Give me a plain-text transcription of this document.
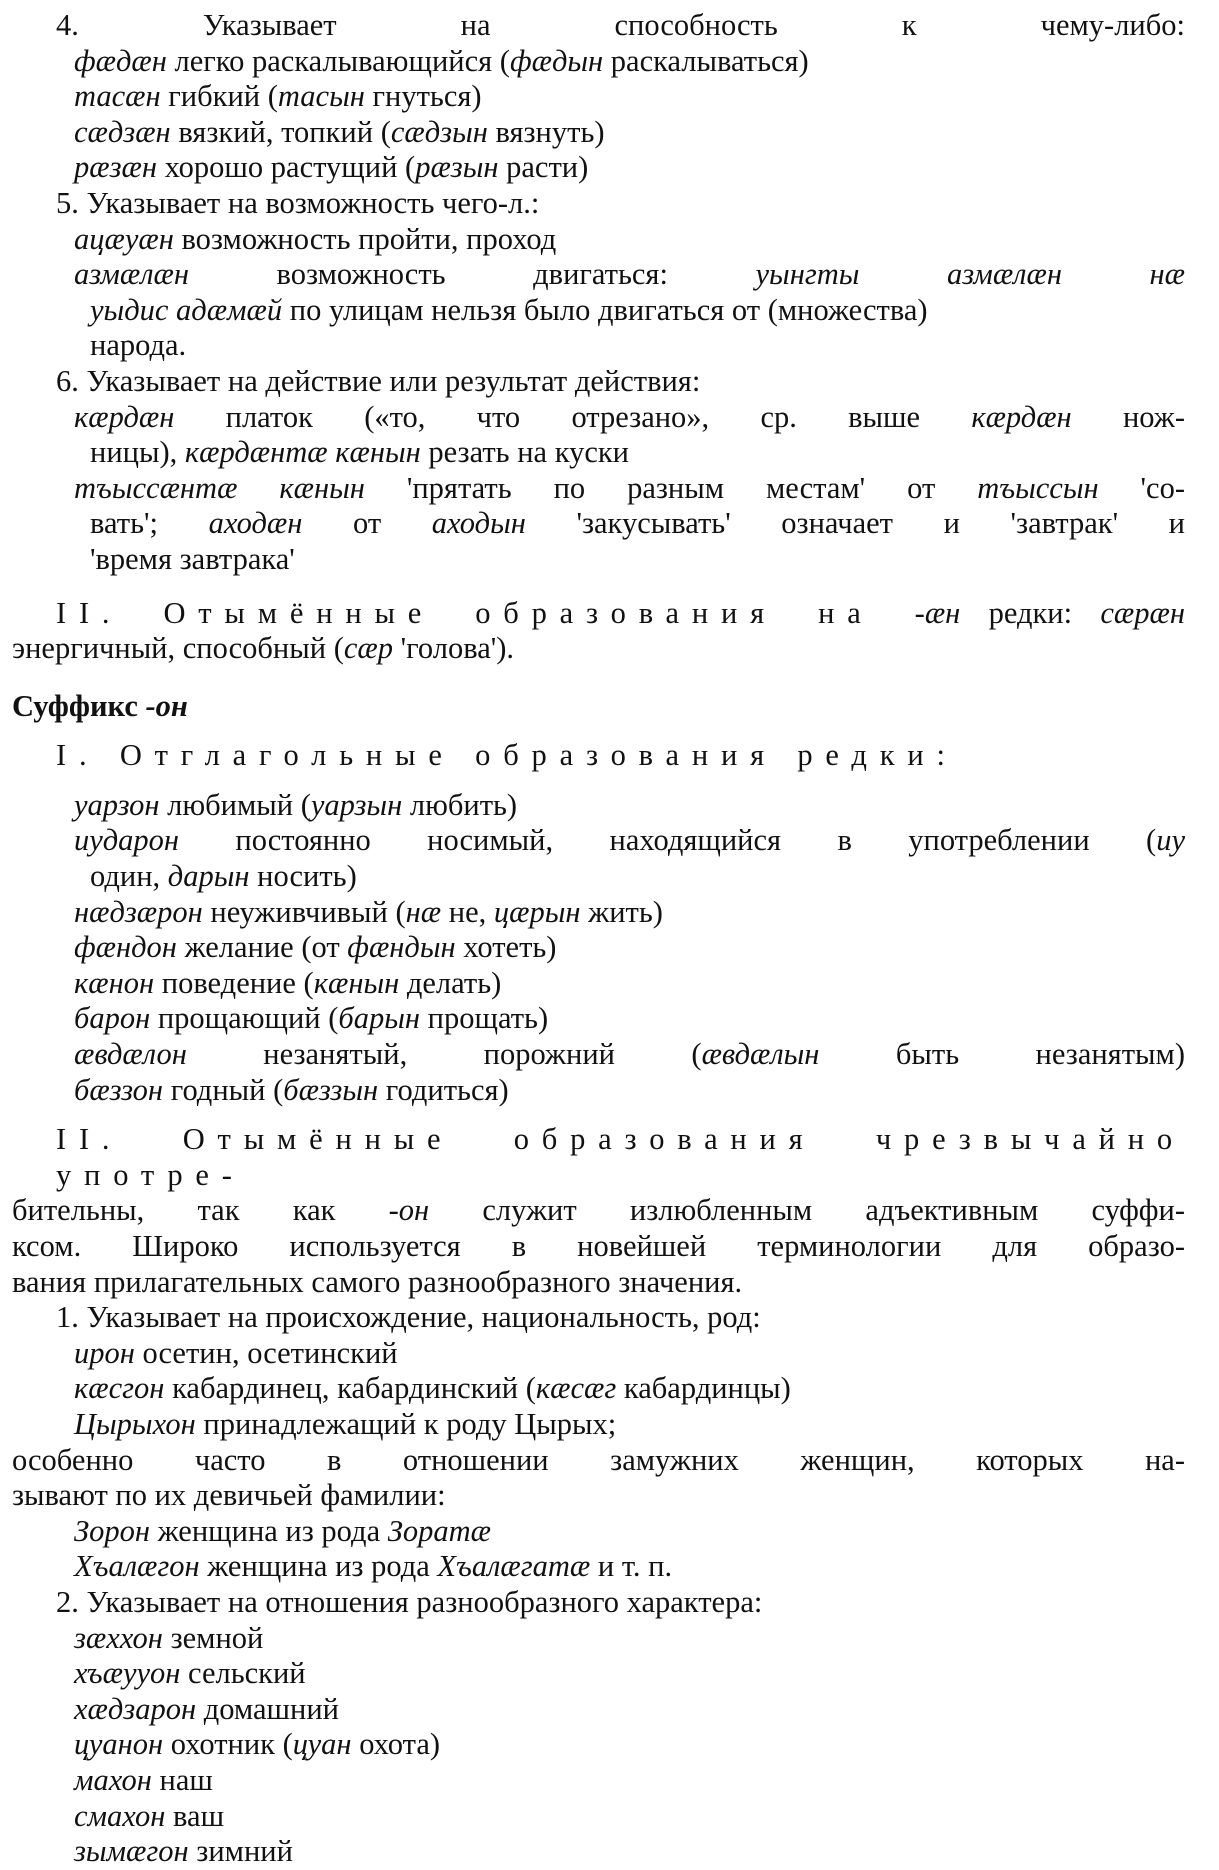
4. Указывает на способность к чему-либо:
фæдæн легко раскалывающийся (фæдын раскалываться)
тасæн гибкий (тасын гнуться)
сæдзæн вязкий, топкий (сæдзын вязнуть)
рæзæн хорошо растущий (рæзын расти)
5. Указывает на возможность чего-л.:
ацæуæн возможность пройти, проход
азмæлæн возможность двигаться: уынгты азмæлæн нæ
уыдис адæмæй по улицам нельзя было двигаться от (множества)
народа.
6. Указывает на действие или результат действия:
кæрдæн платок («то, что отрезано», ср. выше кæрдæн нож-
ницы), кæрдæнтæ кæнын резать на куски
тъыссæнтæ кæнын 'прятать по разным местам' от тъыссын 'со-
вать'; аходæн от аходын 'закусывать' означает и 'завтрак' и
'время завтрака'
II. Отымённые образования на -æн редки: сæрæн
энергичный, способный (сæр 'голова').
Суффикс -он
I. Отглагольные образования редки:
уарзон любимый (уарзын любить)
иударон постоянно носимый, находящийся в употреблении (иу
один, дарын носить)
нæдзæрон неуживчивый (нæ не, цæрын жить)
фæндон желание (от фæндын хотеть)
кæнон поведение (кæнын делать)
барон прощающий (барын прощать)
æвдæлон незанятый, порожний (æвдæлын быть незанятым)
бæззон годный (бæззын годиться)
II. Отымённые образования чрезвычайно употре-
бительны, так как -он служит излюбленным адъективным суффи-
ксом. Широко используется в новейшей терминологии для образо-
вания прилагательных самого разнообразного значения.
1. Указывает на происхождение, национальность, род:
ирон осетин, осетинский
кæсгон кабардинец, кабардинский (кæсæг кабардинцы)
Цырыхон принадлежащий к роду Цырых;
особенно часто в отношении замужних женщин, которых на-
зывают по их девичьей фамилии:
Зорон женщина из рода Зоратæ
Хъалæгон женщина из рода Хъалæгатæ и т. п.
2. Указывает на отношения разнообразного характера:
зæххон земной
хъæууон сельский
хæдзарон домашний
цуанон охотник (цуан охота)
махон наш
смахон ваш
зымæгон зимний
